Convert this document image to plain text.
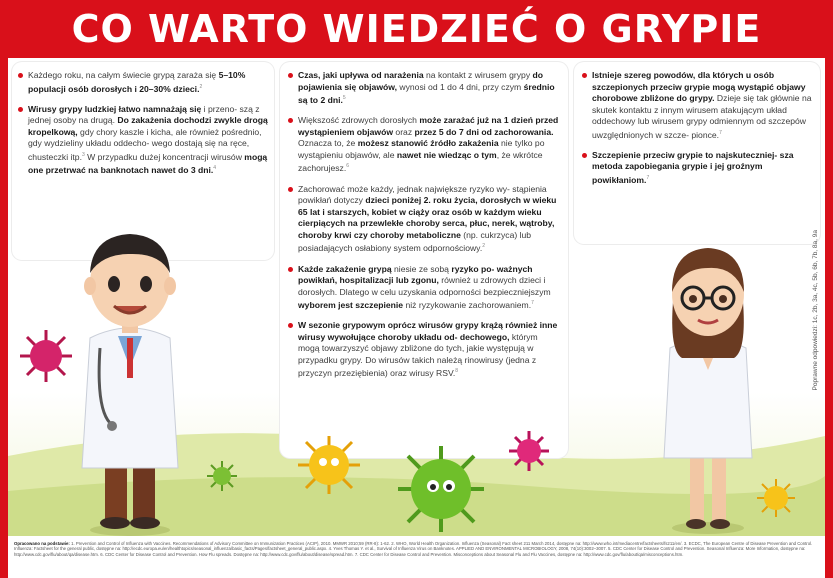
CO WARTO WIEDZIEĆ O GRYPIE

Każdego roku, na całym świecie grypą zaraża się 5–10% populacji osób dorosłych i 20–30% dzieci.$^2$

Wirusy grypy ludzkiej łatwo namnażają się i przeno- szą z jednej osoby na drugą. Do zakażenia dochodzi zwykle drogą kropelkową, gdy chory kaszle i kicha, ale również pośrednio, gdy wydzieliny układu oddecho- wego dostają się na ręce, chusteczki itp.$^3$ W przypadku dużej koncentracji wirusów mogą one przetrwać na banknotach nawet do 3 dni.$^4$

Czas, jaki upływa od narażenia na kontakt z wirusem grypy do pojawienia się objawów, wynosi od 1 do 4 dni, przy czym średnio są to 2 dni.$^5$

Większość zdrowych dorosłych może zarażać już na 1 dzień przed wystąpieniem objawów oraz przez 5 do 7 dni od zachorowania. Oznacza to, że możesz stanowić źródło zakażenia nie tylko po wystąpieniu objawów, ale nawet nie wiedząc o tym, że wkrótce zachorujesz.$^6$

Zachorować może każdy, jednak największe ryzyko wy- stąpienia powikłań dotyczy dzieci poniżej 2. roku życia, dorosłych w wieku 65 lat i starszych, kobiet w ciąży oraz osób w każdym wieku cierpiących na przewlekłe choroby serca, płuc, nerek, wątroby, choroby krwi czy choroby metaboliczne (np. cukrzyca) lub posiadających osłabiony system odpornościowy.$^2$

Każde zakażenie grypą niesie ze sobą ryzyko po- ważnych powikłań, hospitalizacji lub zgonu, również u zdrowych dzieci i dorosłych. Dlatego w celu uzyskania odporności bezpieczniejszym wyborem jest szczepienie niż ryzykowanie zachorowaniem.$^7$

W sezonie grypowym oprócz wirusów grypy krążą również inne wirusy wywołujące choroby układu od- dechowego, którym mogą towarzyszyć objawy zbliżone do tych, jakie występują w przypadku grypy. Do wirusów takich należą rinowirusy (jedna z przyczyn przeziębienia) oraz wirusy RSV.$^8$

Istnieje szereg powodów, dla których u osób szczepionych przeciw grypie mogą wystąpić objawy chorobowe zbliżone do grypy. Dzieje się tak głównie na skutek kontaktu z innym wirusem atakującym układ oddechowy lub wirusem grypy odmiennym od szczepów uwzględnionych w szcze- pionce.$^7$

Szczepienie przeciw grypie to najskuteczniej- sza metoda zapobiegania grypie i jej groźnym powikłaniom.$^7$

Poprawne odpowiedzi: 1c, 2b, 3a, 4c, 5b, 6b, 7b, 8a, 9a
Opracowano na podstawie: 1. Prevention and Control of Influenza with Vaccines. Recommendations of Advisory Committee on Immunization Practices (ACIP), 2010. MMWR 2010;59 (RR-8): 1-62. 2. WHO, World Health Organization. Influenza (Seasonal) Fact sheet 211 March 2014, dostępne na: http://www.who.int/mediacentre/factsheets/fs211/en/. 3. ECDC, The European Centre of Disease Prevention and Control. Influenza: Factsheet for the general public, dostępne na: http://ecdc.europa.eu/en/healthtopics/seasonal_influenza/basic_facts/Pages/factsheet_general_public.aspx. 4. Yves Thomas Y. et al., Survival of Influenza Virus on Banknotes. APPLIED AND ENVIRONMENTAL MICROBIOLOGY, 2008, 74(10):3002–3007. 5. CDC Center for Disease Control and Prevention. Seasonal Influenza: More Information, dostępne na: http://www.cdc.gov/flu/about/qa/disease.htm. 6. CDC Center for Disease Control and Prevention. How Flu spreads. Dostępne na: http://www.cdc.gov/flu/about/disease/spread.htm. 7. CDC Center for Disease Control and Prevention. Misconceptions about Seasonal Flu and Flu Vaccines, dostępne na: http://www.cdc.gov/flu/about/qa/misconceptions.htm.
